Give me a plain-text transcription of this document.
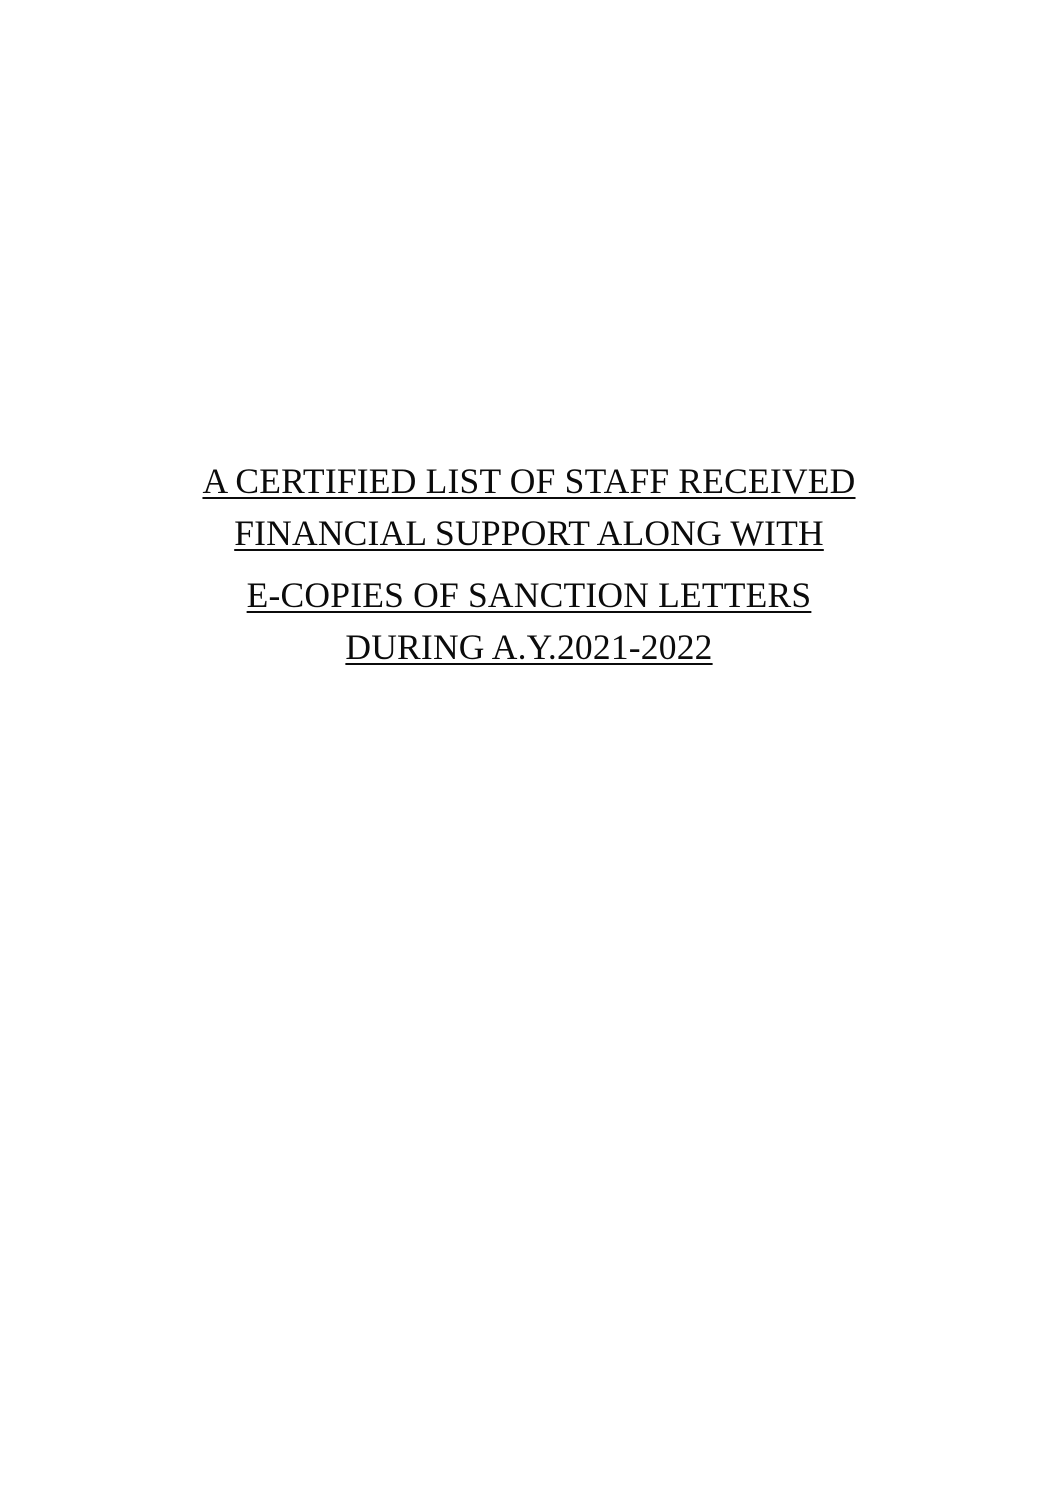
A CERTIFIED LIST OF STAFF RECEIVED
FINANCIAL SUPPORT ALONG WITH
E-COPIES OF SANCTION LETTERS
DURING A.Y.2021-2022
